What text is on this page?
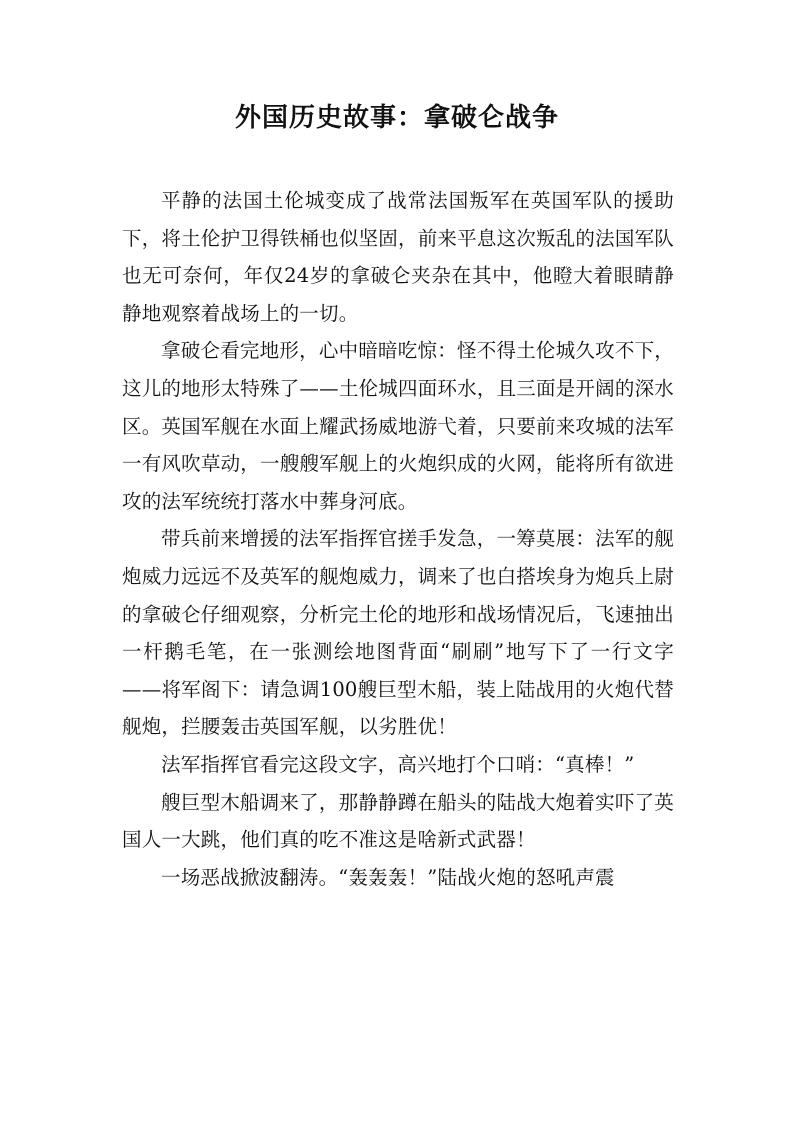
外国历史故事：拿破仑战争

平静的法国土伦城变成了战常法国叛军在英国军队的援助下，将土伦护卫得铁桶也似坚固，前来平息这次叛乱的法国军队也无可奈何，年仅24岁的拿破仑夹杂在其中，他瞪大着眼睛静静地观察着战场上的一切。

拿破仑看完地形，心中暗暗吃惊：怪不得土伦城久攻不下，这儿的地形太特殊了——土伦城四面环水，且三面是开阔的深水区。英国军舰在水面上耀武扬威地游弋着，只要前来攻城的法军一有风吹草动，一艘艘军舰上的火炮织成的火网，能将所有欲进攻的法军统统打落水中葬身河底。

带兵前来增援的法军指挥官搓手发急，一筹莫展：法军的舰炮威力远远不及英军的舰炮威力，调来了也白搭埃身为炮兵上尉的拿破仑仔细观察，分析完土伦的地形和战场情况后，飞速抽出一杆鹅毛笔，在一张测绘地图背面“刷刷”地写下了一行文字——将军阁下：请急调100艘巨型木船，装上陆战用的火炮代替舰炮，拦腰轰击英国军舰，以劣胜优！

法军指挥官看完这段文字，高兴地打个口哨：“真棒！”

艘巨型木船调来了，那静静蹲在船头的陆战大炮着实吓了英国人一大跳，他们真的吃不准这是啥新式武器！

一场恶战掀波翻涛。“轰轰轰！”陆战火炮的怒吼声震
